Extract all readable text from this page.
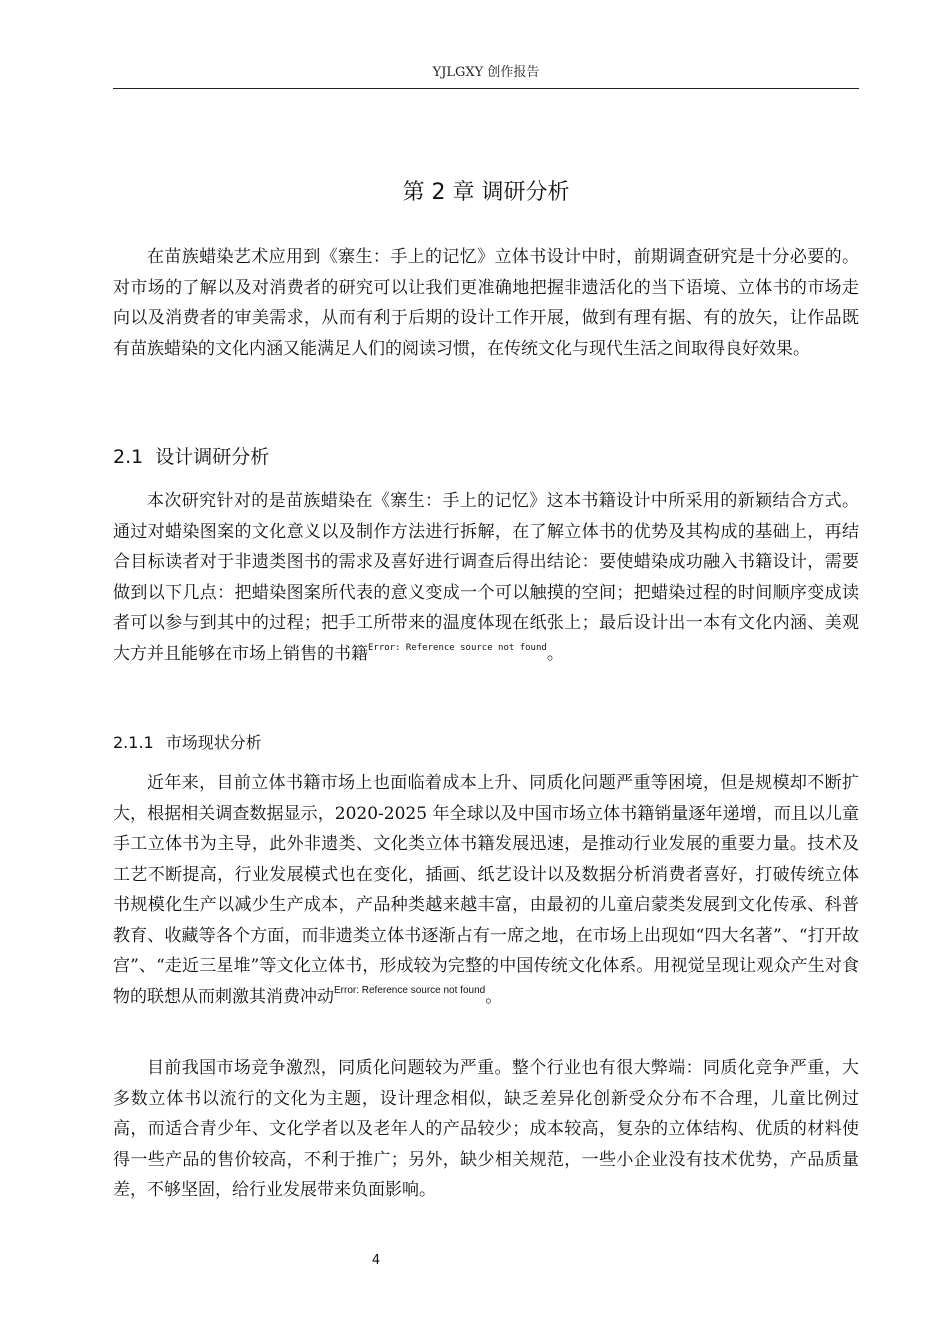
YJLGXY 创作报告
第 2 章 调研分析

在苗族蜡染艺术应用到《寨生：手上的记忆》立体书设计中时，前期调查研究是十分必要的。对市场的了解以及对消费者的研究可以让我们更准确地把握非遗活化的当下语境、立体书的市场走向以及消费者的审美需求，从而有利于后期的设计工作开展，做到有理有据、有的放矢，让作品既有苗族蜡染的文化内涵又能满足人们的阅读习惯，在传统文化与现代生活之间取得良好效果。

2.1 设计调研分析

本次研究针对的是苗族蜡染在《寨生：手上的记忆》这本书籍设计中所采用的新颖结合方式。通过对蜡染图案的文化意义以及制作方法进行拆解，在了解立体书的优势及其构成的基础上，再结合目标读者对于非遗类图书的需求及喜好进行调查后得出结论：要使蜡染成功融入书籍设计，需要做到以下几点：把蜡染图案所代表的意义变成一个可以触摸的空间；把蜡染过程的时间顺序变成读者可以参与到其中的过程；把手工所带来的温度体现在纸张上；最后设计出一本有文化内涵、美观大方并且能够在市场上销售的书籍$^{Error: Reference source not found}$。

2.1.1 市场现状分析

近年来，目前立体书籍市场上也面临着成本上升、同质化问题严重等困境，但是规模却不断扩大，根据相关调查数据显示，2020-2025 年全球以及中国市场立体书籍销量逐年递增，而且以儿童手工立体书为主导，此外非遗类、文化类立体书籍发展迅速，是推动行业发展的重要力量。技术及工艺不断提高，行业发展模式也在变化，插画、纸艺设计以及数据分析消费者喜好，打破传统立体书规模化生产以减少生产成本，产品种类越来越丰富，由最初的儿童启蒙类发展到文化传承、科普教育、收藏等各个方面，而非遗类立体书逐渐占有一席之地，在市场上出现如“四大名著”、“打开故宫”、“走近三星堆”等文化立体书，形成较为完整的中国传统文化体系。用视觉呈现让观众产生对食物的联想从而刺激其消费冲动$^{Error: Reference source not found}$。

目前我国市场竞争激烈，同质化问题较为严重。整个行业也有很大弊端：同质化竞争严重，大多数立体书以流行的文化为主题，设计理念相似，缺乏差异化创新受众分布不合理，儿童比例过高，而适合青少年、文化学者以及老年人的产品较少；成本较高，复杂的立体结构、优质的材料使得一些产品的售价较高，不利于推广；另外，缺少相关规范，一些小企业没有技术优势，产品质量差，不够坚固，给行业发展带来负面影响。

4
